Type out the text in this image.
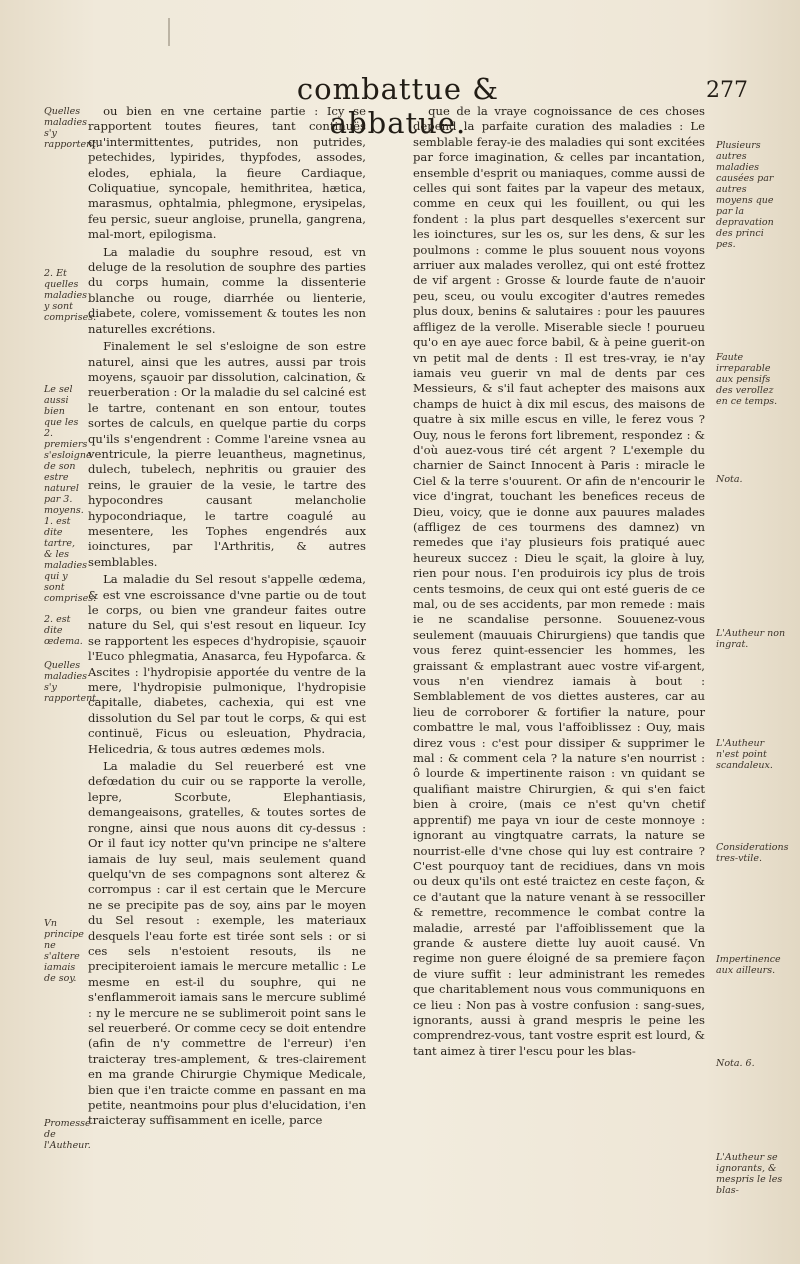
combattue & abbatue.
277

ou bien en vne certaine partie : Icy se rapportent toutes fieures, tant continuës qu'intermittentes, putrides, non putrides, petechides, lypirides, thypfodes, assodes, elodes, ephiala, la fieure Cardiaque, Coliquatiue, syncopale, hemithritea, hætica, marasmus, ophtalmia, phlegmone, erysipelas, feu persic, sueur angloise, prunella, gangrena, mal-mort, epilogisma.

La maladie du souphre resoud, est vn deluge de la resolution de souphre des parties du corps humain, comme la dissenterie blanche ou rouge, diarrhée ou lienterie, diabete, colere, vomissement & toutes les non naturelles excrétions.

Finalement le sel s'esloigne de son estre naturel, ainsi que les autres, aussi par trois moyens, sçauoir par dissolution, calcination, & reuerberation : Or la maladie du sel calciné est le tartre, contenant en son entour, toutes sortes de calculs, en quelque partie du corps qu'ils s'engendrent : Comme l'areine vsnea au ventricule, la pierre leuantheus, magnetinus, dulech, tubelech, nephritis ou grauier des reins, le grauier de la vesie, le tartre des hypocondres causant melancholie hypocondriaque, le tartre coagulé au mesentere, les Tophes engendrés aux ioinctures, par l'Arthritis, & autres semblables.

La maladie du Sel resout s'appelle œdema, & est vne escroissance d'vne partie ou de tout le corps, ou bien vne grandeur faites outre nature du Sel, qui s'est resout en liqueur. Icy se rapportent les especes d'hydropisie, sçauoir l'Euco phlegmatia, Anasarca, feu Hypofarca. & Ascites : l'hydropisie apportée du ventre de la mere, l'hydropisie pulmonique, l'hydropisie capitalle, diabetes, cachexia, qui est vne dissolution du Sel par tout le corps, & qui est continuë, Ficus ou esleuation, Phydracia, Helicedria, & tous autres œdemes mols.

La maladie du Sel reuerberé est vne defœdation du cuir ou se rapporte la verolle, lepre, Scorbute, Elephantiasis, demangeaisons, gratelles, & toutes sortes de rongne, ainsi que nous auons dit cy-dessus : Or il faut icy notter qu'vn principe ne s'altere iamais de luy seul, mais seulement quand quelqu'vn de ses compagnons sont alterez & corrompus : car il est certain que le Mercure ne se precipite pas de soy, ains par le moyen du Sel resout : exemple, les materiaux desquels l'eau forte est tirée sont sels : or si ces sels n'estoient resouts, ils ne precipiteroient iamais le mercure metallic : Le mesme en est-il du souphre, qui ne s'enflammeroit iamais sans le mercure sublimé : ny le mercure ne se sublimeroit point sans le sel reuerberé. Or comme cecy se doit entendre (afin de n'y commettre de l'erreur) i'en traicteray tres-amplement, & tres-clairement en ma grande Chirurgie Chymique Medicale, bien que i'en traicte comme en passant en ma petite, neantmoins pour plus d'elucidation, i'en traicteray suffisamment en icelle, parce

que de la vraye cognoissance de ces choses depend la parfaite curation des maladies : Le semblable feray-ie des maladies qui sont excitées par force imagination, & celles par incantation, ensemble d'esprit ou maniaques, comme aussi de celles qui sont faites par la vapeur des metaux, comme en ceux qui les fouillent, ou qui les fondent : la plus part desquelles s'exercent sur les ioinctures, sur les os, sur les dens, & sur les poulmons : comme le plus souuent nous voyons arriuer aux malades verollez, qui ont esté frottez de vif argent : Grosse & lourde faute de n'auoir peu, sceu, ou voulu excogiter d'autres remedes plus doux, benins & salutaires : pour les pauures affligez de la verolle. Miserable siecle ! pourueu qu'o en aye auec force babil, & à peine guerit-on vn petit mal de dents : Il est tres-vray, ie n'ay iamais veu guerir vn mal de dents par ces Messieurs, & s'il faut achepter des maisons aux champs de huict à dix mil escus, des maisons de quatre à six mille escus en ville, le ferez vous ? Ouy, nous le ferons fort librement, respondez : & d'où auez-vous tiré cét argent ? L'exemple du charnier de Sainct Innocent à Paris : miracle le Ciel & la terre s'ouurent. Or afin de n'encourir le vice d'ingrat, touchant les benefices receus de Dieu, voicy, que ie donne aux pauures malades (affligez de ces tourmens des damnez) vn remedes que i'ay plusieurs fois pratiqué auec heureux succez : Dieu le sçait, la gloire à luy, rien pour nous. I'en produirois icy plus de trois cents tesmoins, de ceux qui ont esté gueris de ce mal, ou de ses accidents, par mon remede : mais ie ne scandalise personne. Souuenez-vous seulement (mauuais Chirurgiens) que tandis que vous ferez quint-essencier les hommes, les graissant & emplastrant auec vostre vif-argent, vous n'en viendrez iamais à bout : Semblablement de vos diettes austeres, car au lieu de corroborer & fortifier la nature, pour combattre le mal, vous l'affoiblissez : Ouy, mais direz vous : c'est pour dissiper & supprimer le mal : & comment cela ? la nature s'en nourrist : ô lourde & impertinente raison : vn quidant se qualifiant maistre Chirurgien, & qui s'en faict bien à croire, (mais ce n'est qu'vn chetif apprentif) me paya vn iour de ceste monnoye : ignorant au vingtquatre carrats, la nature se nourrist-elle d'vne chose qui luy est contraire ? C'est pourquoy tant de recidiues, dans vn mois ou deux qu'ils ont esté traictez en ceste façon, & ce d'autant que la nature venant à se ressociller & remettre, recommence le combat contre la maladie, arresté par l'affoiblissement que la grande & austere diette luy auoit causé. Vn regime non guere éloigné de sa premiere façon de viure suffit : leur administrant les remedes que charitablement nous vous communiquons en ce lieu : Non pas à vostre confusion : sang-sues, ignorants, aussi à grand mespris le peine les comprendrez-vous, tant vostre esprit est lourd, & tant aimez à tirer l'escu pour les blas-

Quelles maladies s'y rapportent.
2. Et quelles maladies y sont comprises.
Le sel aussi bien que les 2. premiers s'esloigne de son estre naturel par 3. moyens. 1. est dite tartre, & les maladies qui y sont comprises.
2. est dite œdema.
Quelles maladies s'y rapportent.
Vn principe ne s'altere iamais de soy.
Promesse de l'Autheur.
Plusieurs autres maladies causées par autres moyens que par la depravation des princi pes.
Faute irreparable aux pensifs des verollez en ce temps.
Nota.
L'Autheur non ingrat.
L'Autheur n'est point scandaleux.
Considerations tres-vtile.
Impertinence aux ailleurs.
Nota. 6.
L'Autheur se ignorants, & mespris le les blas-
